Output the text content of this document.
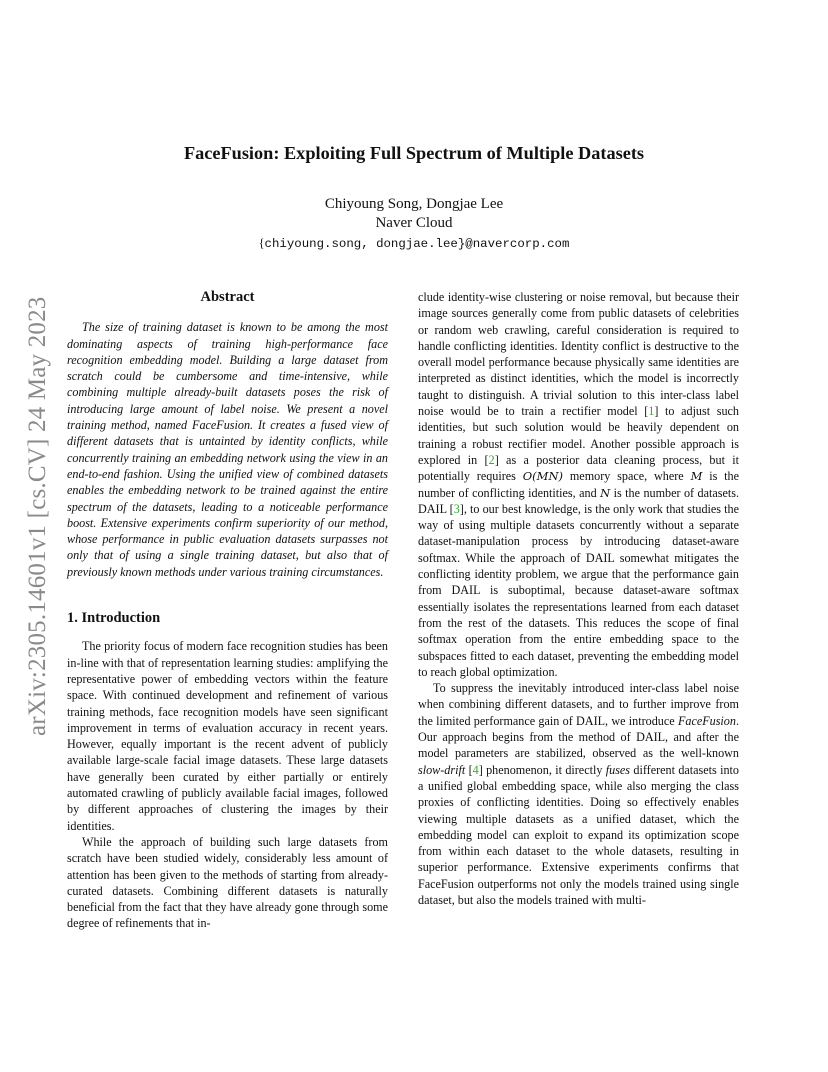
arXiv:2305.14601v1 [cs.CV] 24 May 2023
FaceFusion: Exploiting Full Spectrum of Multiple Datasets
Chiyoung Song, Dongjae Lee
Naver Cloud
{chiyoung.song, dongjae.lee}@navercorp.com
Abstract

The size of training dataset is known to be among the most dominating aspects of training high-performance face recognition embedding model. Building a large dataset from scratch could be cumbersome and time-intensive, while combining multiple already-built datasets poses the risk of introducing large amount of label noise. We present a novel training method, named FaceFusion. It creates a fused view of different datasets that is untainted by identity conflicts, while concurrently training an embedding network using the view in an end-to-end fashion. Using the unified view of combined datasets enables the embedding network to be trained against the entire spectrum of the datasets, leading to a noticeable performance boost. Extensive experiments confirm superiority of our method, whose performance in public evaluation datasets surpasses not only that of using a single training dataset, but also that of previously known methods under various training circumstances.

1. Introduction

The priority focus of modern face recognition studies has been in-line with that of representation learning studies: amplifying the representative power of embedding vectors within the feature space. With continued development and refinement of various training methods, face recognition models have seen significant improvement in terms of evaluation accuracy in recent years. However, equally important is the recent advent of publicly available large-scale facial image datasets. These large datasets have generally been curated by either partially or entirely automated crawling of publicly available facial images, followed by different approaches of clustering the images by their identities.

While the approach of building such large datasets from scratch have been studied widely, considerably less amount of attention has been given to the methods of starting from already-curated datasets. Combining different datasets is naturally beneficial from the fact that they have already gone through some degree of refinements that in-

clude identity-wise clustering or noise removal, but because their image sources generally come from public datasets of celebrities or random web crawling, careful consideration is required to handle conflicting identities. Identity conflict is destructive to the overall model performance because physically same identities are interpreted as distinct identities, which the model is incorrectly taught to distinguish. A trivial solution to this inter-class label noise would be to train a rectifier model [1] to adjust such identities, but such solution would be heavily dependent on training a robust rectifier model. Another possible approach is explored in [2] as a posterior data cleaning process, but it potentially requires O(MN) memory space, where M is the number of conflicting identities, and N is the number of datasets. DAIL [3], to our best knowledge, is the only work that studies the way of using multiple datasets concurrently without a separate dataset-manipulation process by introducing dataset-aware softmax. While the approach of DAIL somewhat mitigates the conflicting identity problem, we argue that the performance gain from DAIL is suboptimal, because dataset-aware softmax essentially isolates the representations learned from each dataset from the rest of the datasets. This reduces the scope of final softmax operation from the entire embedding space to the subspaces fitted to each dataset, preventing the embedding model to reach global optimization.

To suppress the inevitably introduced inter-class label noise when combining different datasets, and to further improve from the limited performance gain of DAIL, we introduce FaceFusion. Our approach begins from the method of DAIL, and after the model parameters are stabilized, observed as the well-known slow-drift [4] phenomenon, it directly fuses different datasets into a unified global embedding space, while also merging the class proxies of conflicting identities. Doing so effectively enables viewing multiple datasets as a unified dataset, which the embedding model can exploit to expand its optimization scope from within each dataset to the whole datasets, resulting in superior performance. Extensive experiments confirms that FaceFusion outperforms not only the models trained using single dataset, but also the models trained with multi-
